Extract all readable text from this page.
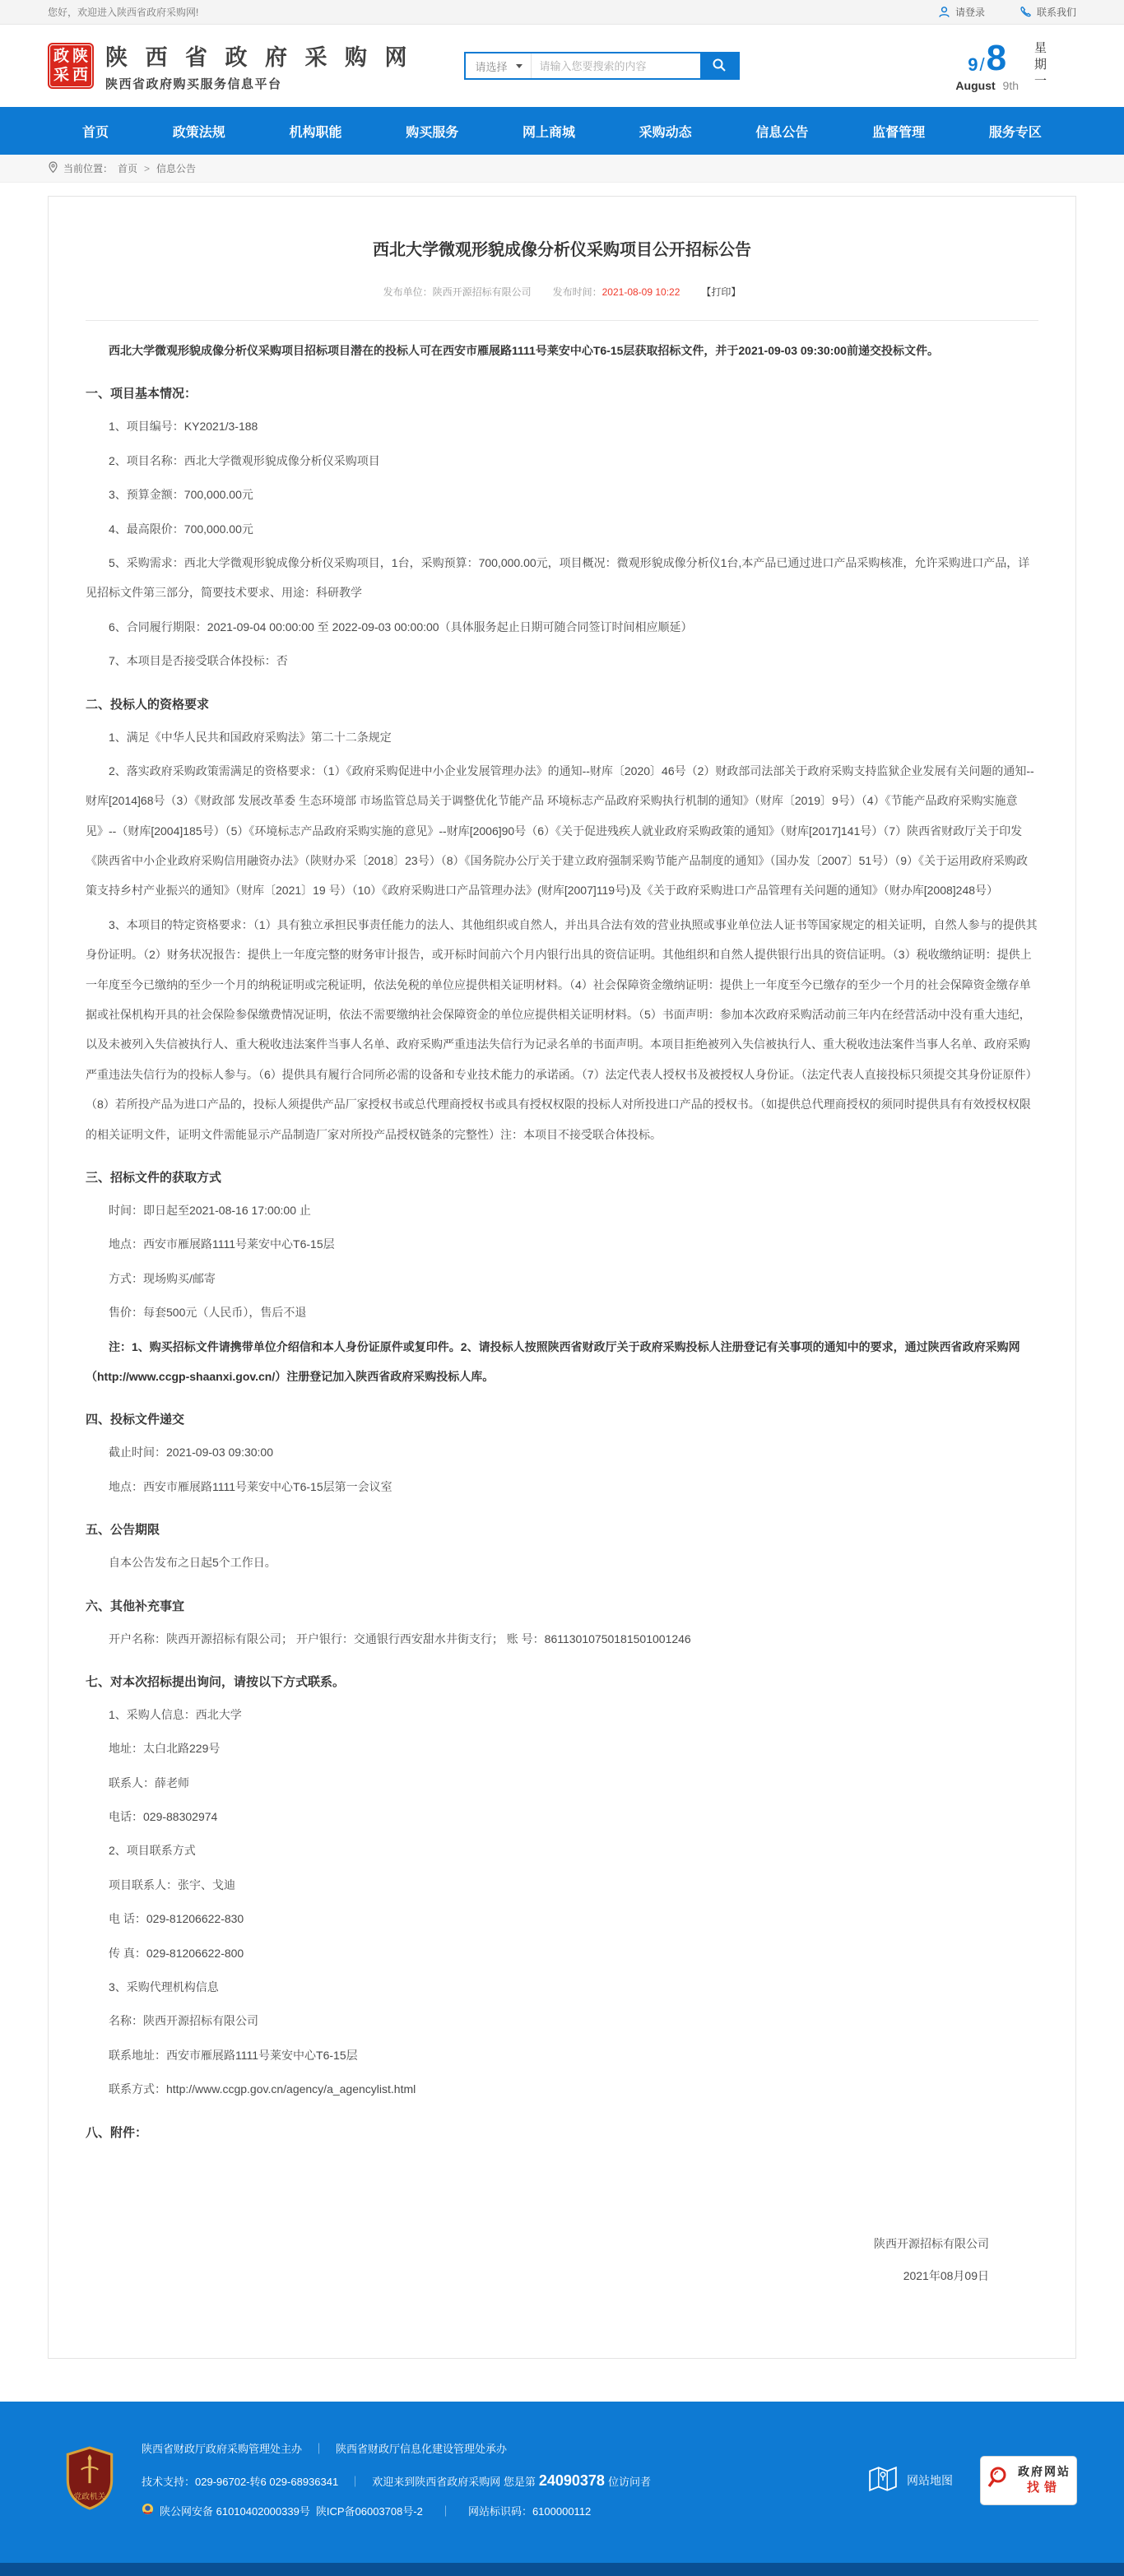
您好，欢迎进入陕西省政府采购网!	请登录	联系我们
政 陕
采 西
陕 西 省 政 府 采 购 网
陕西省政府购买服务信息平台
请选择
请输入您要搜索的内容	9 / 8
August 9th 星期一
首页	政策法规	机构职能	购买服务	网上商城	采购动态	信息公告	监督管理	服务专区
当前位置： 首页 > 信息公告
西北大学微观形貌成像分析仪采购项目公开招标公告
发布单位：陕西开源招标有限公司 发布时间：2021-08-09 10:22 【打印】

西北大学微观形貌成像分析仪采购项目招标项目潜在的投标人可在西安市雁展路1111号莱安中心T6-15层获取招标文件，并于2021-09-03 09:30:00前递交投标文件。

一、项目基本情况：

1、项目编号：KY2021/3-188

2、项目名称：西北大学微观形貌成像分析仪采购项目

3、预算金额：700,000.00元

4、最高限价：700,000.00元

5、采购需求：西北大学微观形貌成像分析仪采购项目，1台，采购预算：700,000.00元，项目概况：微观形貌成像分析仪1台,本产品已通过进口产品采购核准，允许采购进口产品，详见招标文件第三部分，简要技术要求、用途：科研教学

6、合同履行期限：2021-09-04 00:00:00 至 2022-09-03 00:00:00（具体服务起止日期可随合同签订时间相应顺延）

7、本项目是否接受联合体投标：否

二、投标人的资格要求

1、满足《中华人民共和国政府采购法》第二十二条规定

2、落实政府采购政策需满足的资格要求：（1）《政府采购促进中小企业发展管理办法》的通知--财库〔2020〕46号（2）财政部司法部关于政府采购支持监狱企业发展有关问题的通知--财库[2014]68号（3）《财政部 发展改革委 生态环境部 市场监管总局关于调整优化节能产品 环境标志产品政府采购执行机制的通知》（财库〔2019〕9号）（4）《节能产品政府采购实施意见》--（财库[2004]185号）（5）《环境标志产品政府采购实施的意见》--财库[2006]90号（6）《关于促进残疾人就业政府采购政策的通知》（财库[2017]141号）（7）陕西省财政厅关于印发《陕西省中小企业政府采购信用融资办法》（陕财办采〔2018〕23号）（8）《国务院办公厅关于建立政府强制采购节能产品制度的通知》（国办发〔2007〕51号）（9）《关于运用政府采购政策支持乡村产业振兴的通知》（财库〔2021〕19 号）（10）《政府采购进口产品管理办法》(财库[2007]119号)及《关于政府采购进口产品管理有关问题的通知》（财办库[2008]248号）

3、本项目的特定资格要求：（1）具有独立承担民事责任能力的法人、其他组织或自然人，并出具合法有效的营业执照或事业单位法人证书等国家规定的相关证明，自然人参与的提供其身份证明。（2）财务状况报告：提供上一年度完整的财务审计报告，或开标时间前六个月内银行出具的资信证明。其他组织和自然人提供银行出具的资信证明。（3）税收缴纳证明：提供上一年度至今已缴纳的至少一个月的纳税证明或完税证明，依法免税的单位应提供相关证明材料。（4）社会保障资金缴纳证明：提供上一年度至今已缴存的至少一个月的社会保障资金缴存单据或社保机构开具的社会保险参保缴费情况证明，依法不需要缴纳社会保障资金的单位应提供相关证明材料。（5）书面声明：参加本次政府采购活动前三年内在经营活动中没有重大违纪，以及未被列入失信被执行人、重大税收违法案件当事人名单、政府采购严重违法失信行为记录名单的书面声明。本项目拒绝被列入失信被执行人、重大税收违法案件当事人名单、政府采购严重违法失信行为的投标人参与。（6）提供具有履行合同所必需的设备和专业技术能力的承诺函。（7）法定代表人授权书及被授权人身份证。（法定代表人直接投标只须提交其身份证原件）（8）若所投产品为进口产品的，投标人须提供产品厂家授权书或总代理商授权书或具有授权权限的投标人对所投进口产品的授权书。（如提供总代理商授权的须同时提供具有有效授权权限的相关证明文件，证明文件需能显示产品制造厂家对所投产品授权链条的完整性）注：本项目不接受联合体投标。

三、招标文件的获取方式

时间：即日起至2021-08-16 17:00:00 止

地点：西安市雁展路1111号莱安中心T6-15层

方式：现场购买/邮寄

售价：每套500元（人民币），售后不退

注：1、购买招标文件请携带单位介绍信和本人身份证原件或复印件。2、请投标人按照陕西省财政厅关于政府采购投标人注册登记有关事项的通知中的要求，通过陕西省政府采购网（http://www.ccgp-shaanxi.gov.cn/）注册登记加入陕西省政府采购投标人库。

四、投标文件递交

截止时间：2021-09-03 09:30:00

地点：西安市雁展路1111号莱安中心T6-15层第一会议室

五、公告期限

自本公告发布之日起5个工作日。

六、其他补充事宜

开户名称：陕西开源招标有限公司； 开户银行：交通银行西安甜水井街支行； 账 号：86113010750181501001246

七、对本次招标提出询问，请按以下方式联系。

1、采购人信息：西北大学

地址：太白北路229号

联系人：薛老师

电话：029-88302974

2、项目联系方式

项目联系人：张宇、戈迪

电 话：029-81206622-830

传 真：029-81206622-800

3、采购代理机构信息

名称：陕西开源招标有限公司

联系地址：西安市雁展路1111号莱安中心T6-15层

联系方式：http://www.ccgp.gov.cn/agency/a_agencylist.html

八、附件：
陕西开源招标有限公司
2021年08月09日
党政机关
陕西省财政厅政府采购管理处主办 ｜ 陕西省财政厅信息化建设管理处承办
技术支持：029-96702-转6 029-68936341 ｜ 欢迎来到陕西省政府采购网 您是第 24090378 位访问者
陕公网安备 61010402000339号 陕ICP备06003708号-2	｜	网站标识码：6100000112
网站地图
政府网站
找错
